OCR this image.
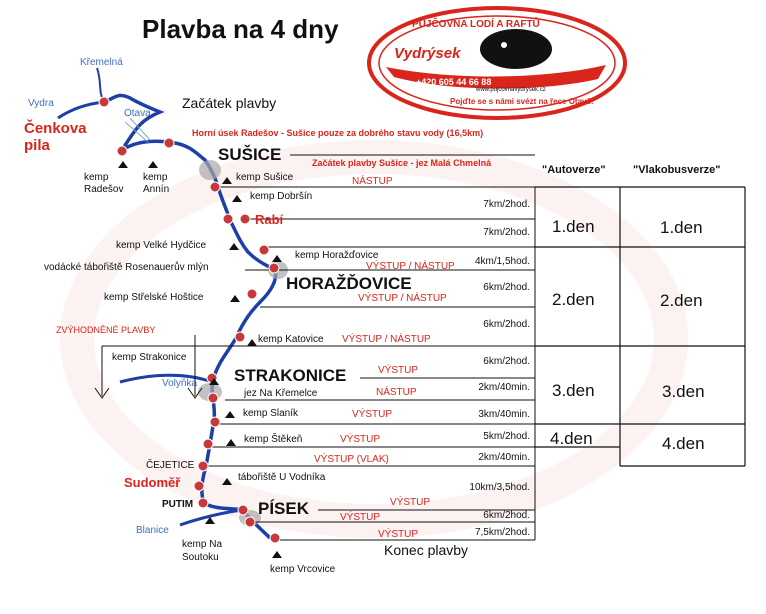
Plavba na 4 dny	PŮJČOVNA LODÍ A RAFTŮ
Vydrýsek
+420 605 44 66 88
www.pujcovnavydrysek.cz
Pojďte se s námi svézt na řece Otavě!
Křemelná
Vydra
Otava
Volyňka
Blanice
Začátek plavby
Horní úsek Radešov - Sušice pouze za dobrého stavu vody (16,5km)
Začátek plavby Sušice - jez Malá Chmelná
ZVÝHODNĚNÉ PLAVBY
Konec plavby
Čenkova pila
kemp Radešov
kemp Annín
SUŠICE
kemp Sušice
kemp Dobršín
Rabí
kemp Velké Hydčice
kemp Horažďovice
vodácké tábořiště Rosenauerův mlýn
HORAŽĎOVICE
kemp Střelské Hoštice
kemp Katovice
kemp Strakonice
STRAKONICE
jez Na Křemelce
kemp Slaník
kemp Štěkeň
ČEJETICE
tábořiště U Vodníka
Sudoměř
PUTIM	PÍSEK
kemp Na Soutoku
kemp Vrcovice
NÁSTUP
VÝSTUP / NÁSTUP
VÝSTUP / NÁSTUP
VÝSTUP / NÁSTUP
VÝSTUP
NÁSTUP
VÝSTUP
VÝSTUP
VÝSTUP (VLAK)
VÝSTUP
VÝSTUP
VÝSTUP
7km/2hod.
7km/2hod.
4km/1,5hod.
6km/2hod.
6km/2hod.
6km/2hod.
2km/40min.
3km/40min.
5km/2hod.
2km/40min.
10km/3,5hod.
6km/2hod.
7,5km/2hod.
"Autoverze" "Vlakobusverze"
1.den
2.den
3.den
4.den
1.den
2.den
3.den
4.den
